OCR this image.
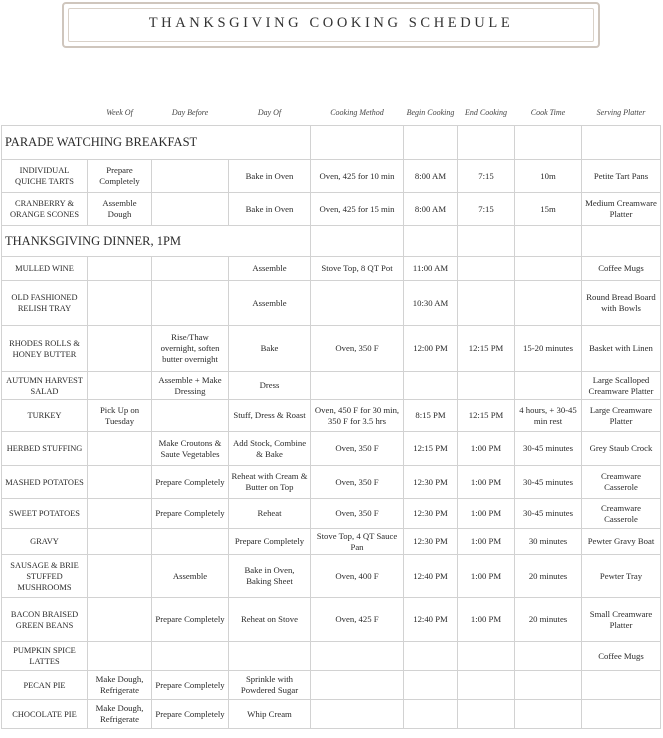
THANKSGIVING COOKING SCHEDULE
	Week Of	Day Before	Day Of	Cooking Method	Begin Cooking	End Cooking	Cook Time	Serving Platter
PARADE WATCHING BREAKFAST								
INDIVIDUAL QUICHE TARTS	Prepare Completely		Bake in Oven	Oven, 425 for 10 min	8:00 AM	7:15	10m	Petite Tart Pans
CRANBERRY & ORANGE SCONES	Assemble Dough		Bake in Oven	Oven, 425 for 15 min	8:00 AM	7:15	15m	Medium Creamware Platter
THANKSGIVING DINNER, 1PM								
MULLED WINE			Assemble	Stove Top, 8 QT Pot	11:00 AM			Coffee Mugs
OLD FASHIONED RELISH TRAY			Assemble		10:30 AM			Round Bread Board with Bowls
RHODES ROLLS & HONEY BUTTER		Rise/Thaw overnight, soften butter overnight	Bake	Oven, 350 F	12:00 PM	12:15 PM	15-20 minutes	Basket with Linen
AUTUMN HARVEST SALAD		Assemble + Make Dressing	Dress					Large Scalloped Creamware Platter
TURKEY	Pick Up on Tuesday		Stuff, Dress & Roast	Oven, 450 F for 30 min, 350 F for 3.5 hrs	8:15 PM	12:15 PM	4 hours, + 30-45 min rest	Large Creamware Platter
HERBED STUFFING		Make Croutons & Saute Vegetables	Add Stock, Combine & Bake	Oven, 350 F	12:15 PM	1:00 PM	30-45 minutes	Grey Staub Crock
MASHED POTATOES		Prepare Completely	Reheat with Cream & Butter on Top	Oven, 350 F	12:30 PM	1:00 PM	30-45 minutes	Creamware Casserole
SWEET POTATOES		Prepare Completely	Reheat	Oven, 350 F	12:30 PM	1:00 PM	30-45 minutes	Creamware Casserole
GRAVY			Prepare Completely	Stove Top, 4 QT Sauce Pan	12:30 PM	1:00 PM	30 minutes	Pewter Gravy Boat
SAUSAGE & BRIE STUFFED MUSHROOMS		Assemble	Bake in Oven, Baking Sheet	Oven, 400 F	12:40 PM	1:00 PM	20 minutes	Pewter Tray
BACON BRAISED GREEN BEANS		Prepare Completely	Reheat on Stove	Oven, 425 F	12:40 PM	1:00 PM	20 minutes	Small Creamware Platter
PUMPKIN SPICE LATTES								Coffee Mugs
PECAN PIE	Make Dough, Refrigerate	Prepare Completely	Sprinkle with Powdered Sugar					
CHOCOLATE PIE	Make Dough, Refrigerate	Prepare Completely	Whip Cream					
